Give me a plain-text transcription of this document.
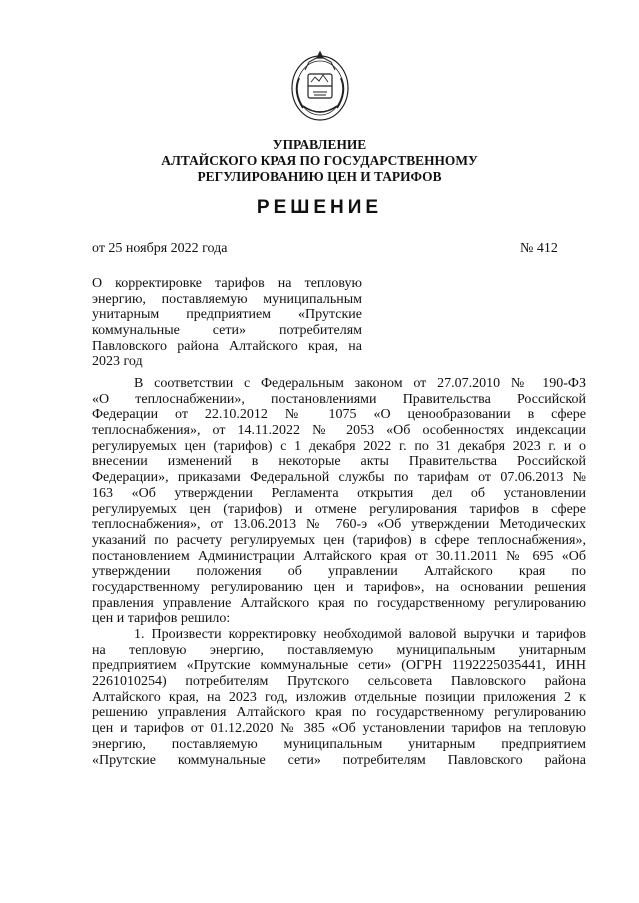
УПРАВЛЕНИЕ
АЛТАЙСКОГО КРАЯ ПО ГОСУДАРСТВЕННОМУ
РЕГУЛИРОВАНИЮ ЦЕН И ТАРИФОВ
РЕШЕНИЕ
от 25 ноября 2022 года	№ 412
О корректировке тарифов на тепловую
энергию, поставляемую муниципальным
унитарным предприятием «Прутские
коммунальные сети» потребителям
Павловского района Алтайского края, на
2023 год
В соответствии с Федеральным законом от 27.07.2010 № 190-ФЗ
«О теплоснабжении», постановлениями Правительства Российской
Федерации от 22.10.2012 № 1075 «О ценообразовании в сфере
теплоснабжения», от 14.11.2022 № 2053 «Об особенностях индексации
регулируемых цен (тарифов) с 1 декабря 2022 г. по 31 декабря 2023 г. и о
внесении изменений в некоторые акты Правительства Российской
Федерации», приказами Федеральной службы по тарифам от 07.06.2013 №
163 «Об утверждении Регламента открытия дел об установлении
регулируемых цен (тарифов) и отмене регулирования тарифов в сфере
теплоснабжения», от 13.06.2013 № 760-э «Об утверждении Методических
указаний по расчету регулируемых цен (тарифов) в сфере теплоснабжения»,
постановлением Администрации Алтайского края от 30.11.2011 № 695 «Об
утверждении положения об управлении Алтайского края по
государственному регулированию цен и тарифов», на основании решения
правления управление Алтайского края по государственному регулированию
цен и тарифов решило:
1. Произвести корректировку необходимой валовой выручки и тарифов
на тепловую энергию, поставляемую муниципальным унитарным
предприятием «Прутские коммунальные сети» (ОГРН 1192225035441, ИНН
2261010254) потребителям Прутского сельсовета Павловского района
Алтайского края, на 2023 год, изложив отдельные позиции приложения 2 к
решению управления Алтайского края по государственному регулированию
цен и тарифов от 01.12.2020 № 385 «Об установлении тарифов на тепловую
энергию, поставляемую муниципальным унитарным предприятием
«Прутские коммунальные сети» потребителям Павловского района
